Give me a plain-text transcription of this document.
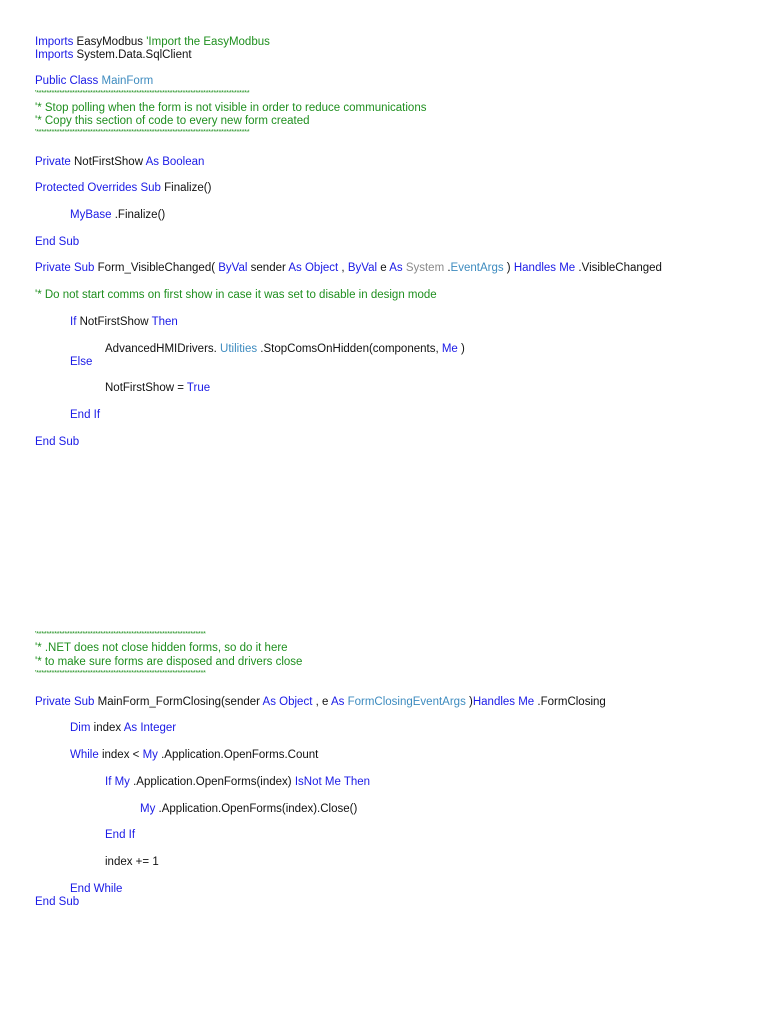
Imports EasyModbus 'Import the EasyModbus
Imports System.Data.SqlClient
Public Class MainForm
'***********************************************************************************
'* Stop polling when the form is not visible in order to reduce communications
'* Copy this section of code to every new form created
'***********************************************************************************
Private NotFirstShow As Boolean
Protected Overrides Sub Finalize()
MyBase .Finalize()
End Sub
Private Sub Form_VisibleChanged( ByVal sender As Object , ByVal e As System .EventArgs ) Handles Me .VisibleChanged
'* Do not start comms on first show in case it was set to disable in design mode
If NotFirstShow Then
AdvancedHMIDrivers. Utilities .StopComsOnHidden(components, Me )
Else
NotFirstShow = True
End If
End Sub
'******************************************************************
'* .NET does not close hidden forms, so do it here
'* to make sure forms are disposed and drivers close
'******************************************************************
Private Sub MainForm_FormClosing(sender As Object , e As FormClosingEventArgs )Handles Me .FormClosing
Dim index As Integer
While index < My .Application.OpenForms.Count
If My .Application.OpenForms(index) IsNot Me Then
My .Application.OpenForms(index).Close()
End If
index += 1
End While
End Sub
